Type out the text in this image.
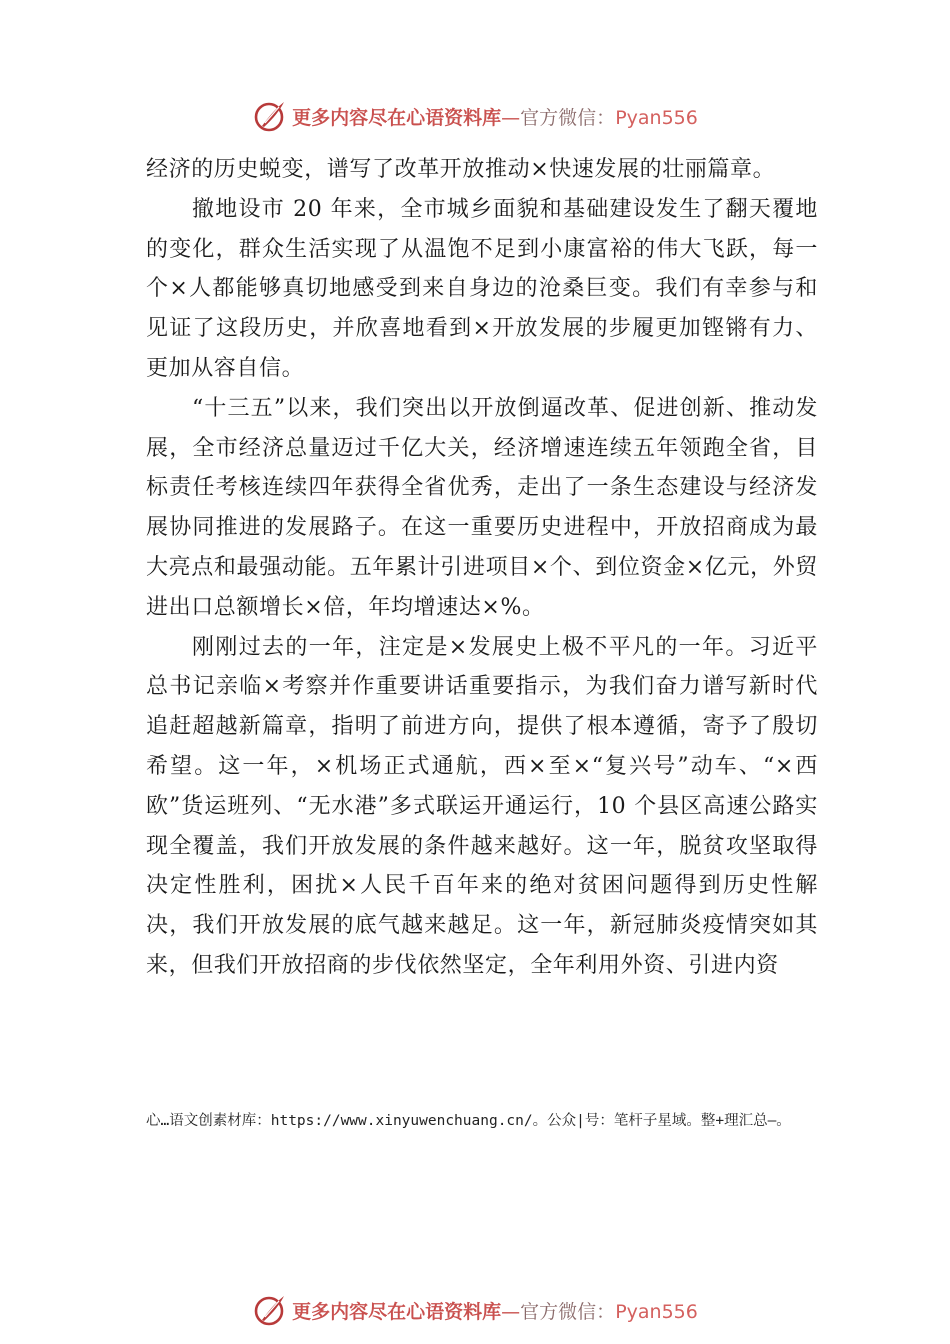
更多内容尽在心语资料库—官方微信：Pyan556

经济的历史蜕变，谱写了改革开放推动×快速发展的壮丽篇章。

撤地设市 20 年来，全市城乡面貌和基础建设发生了翻天覆地的变化，群众生活实现了从温饱不足到小康富裕的伟大飞跃，每一个×人都能够真切地感受到来自身边的沧桑巨变。我们有幸参与和见证了这段历史，并欣喜地看到×开放发展的步履更加铿锵有力、更加从容自信。

“十三五”以来，我们突出以开放倒逼改革、促进创新、推动发展，全市经济总量迈过千亿大关，经济增速连续五年领跑全省，目标责任考核连续四年获得全省优秀，走出了一条生态建设与经济发展协同推进的发展路子。在这一重要历史进程中，开放招商成为最大亮点和最强动能。五年累计引进项目×个、到位资金×亿元，外贸进出口总额增长×倍，年均增速达×%。

刚刚过去的一年，注定是×发展史上极不平凡的一年。习近平总书记亲临×考察并作重要讲话重要指示，为我们奋力谱写新时代追赶超越新篇章，指明了前进方向，提供了根本遵循，寄予了殷切希望。这一年，×机场正式通航，西×至×“复兴号”动车、“×西欧”货运班列、“无水港”多式联运开通运行，10 个县区高速公路实现全覆盖，我们开放发展的条件越来越好。这一年，脱贫攻坚取得决定性胜利，困扰×人民千百年来的绝对贫困问题得到历史性解决，我们开放发展的底气越来越足。这一年，新冠肺炎疫情突如其来，但我们开放招商的步伐依然坚定，全年利用外资、引进内资

心…语文创素材库：https://www.xinyuwenchuang.cn/。公众|号：笔杆子星域。整+理汇总—。
更多内容尽在心语资料库—官方微信：Pyan556
